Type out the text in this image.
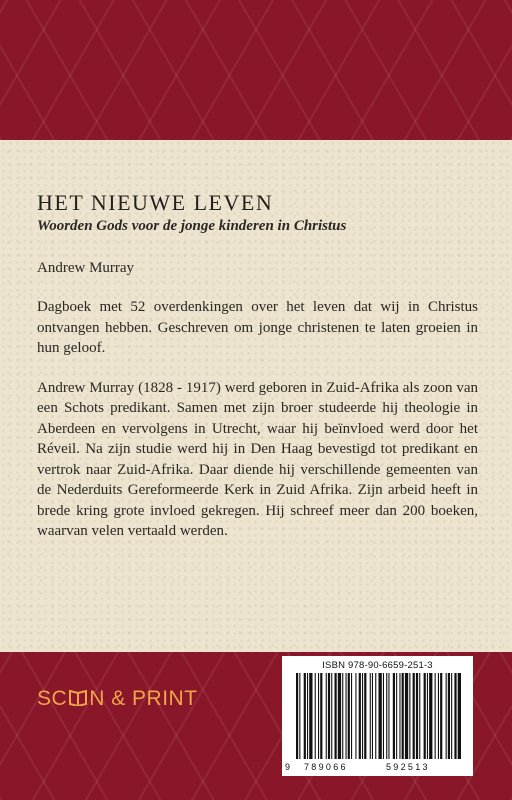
HET NIEUWE LEVEN

Woorden Gods voor de jonge kinderen in Christus

Andrew Murray

Dagboek met 52 overdenkingen over het leven dat wij in Christus ontvangen hebben. Geschreven om jonge christenen te laten groeien in hun geloof.

Andrew Murray (1828 - 1917) werd geboren in Zuid-Afrika als zoon van een Schots predikant. Samen met zijn broer studeerde hij theologie in Aberdeen en vervolgens in Utrecht, waar hij beïnvloed werd door het Réveil. Na zijn studie werd hij in Den Haag bevestigd tot predikant en vertrok naar Zuid-Afrika. Daar diende hij verschillende gemeenten van de Nederduits Gereformeerde Kerk in Zuid Afrika. Zijn arbeid heeft in brede kring grote invloed gekregen. Hij schreef meer dan 200 boeken, waarvan velen vertaald werden.

SC N & PRINT
ISBN 978-90-6659-251-3
9 789066	592513
